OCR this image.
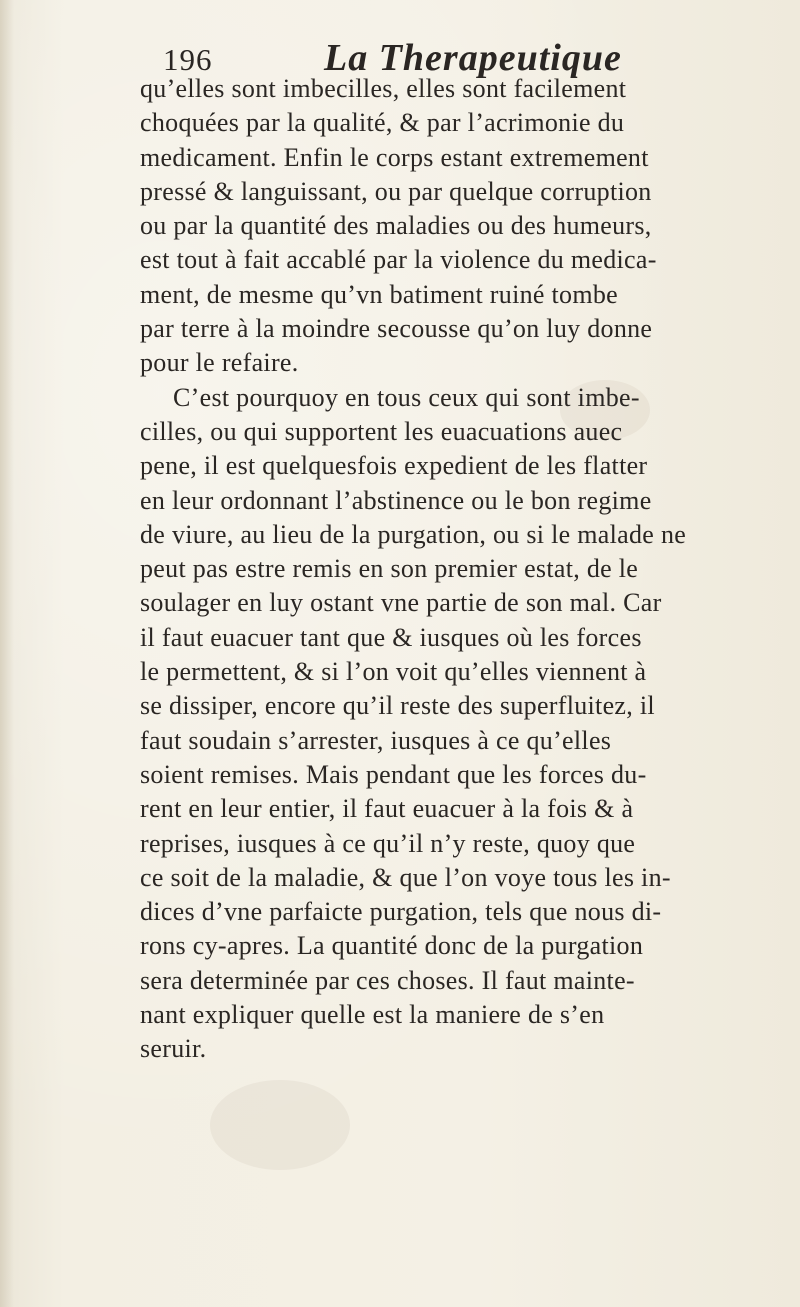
196	La Therapeutique
qu’elles sont imbecilles, elles sont facilement
choquées par la qualité, & par l’acrimonie du
medicament. Enfin le corps estant extremement
pressé & languissant, ou par quelque corruption
ou par la quantité des maladies ou des humeurs,
est tout à fait accablé par la violence du medica-
ment, de mesme qu’vn batiment ruiné tombe
par terre à la moindre secousse qu’on luy donne
pour le refaire.
C’est pourquoy en tous ceux qui sont imbe-
cilles, ou qui supportent les euacuations auec
pene, il est quelquesfois expedient de les flatter
en leur ordonnant l’abstinence ou le bon regime
de viure, au lieu de la purgation, ou si le malade ne
peut pas estre remis en son premier estat, de le
soulager en luy ostant vne partie de son mal. Car
il faut euacuer tant que & iusques où les forces
le permettent, & si l’on voit qu’elles viennent à
se dissiper, encore qu’il reste des superfluitez, il
faut soudain s’arrester, iusques à ce qu’elles
soient remises. Mais pendant que les forces du-
rent en leur entier, il faut euacuer à la fois & à
reprises, iusques à ce qu’il n’y reste, quoy que
ce soit de la maladie, & que l’on voye tous les in-
dices d’vne parfaicte purgation, tels que nous di-
rons cy-apres. La quantité donc de la purgation
sera determinée par ces choses. Il faut mainte-
nant expliquer quelle est la maniere de s’en
seruir.
